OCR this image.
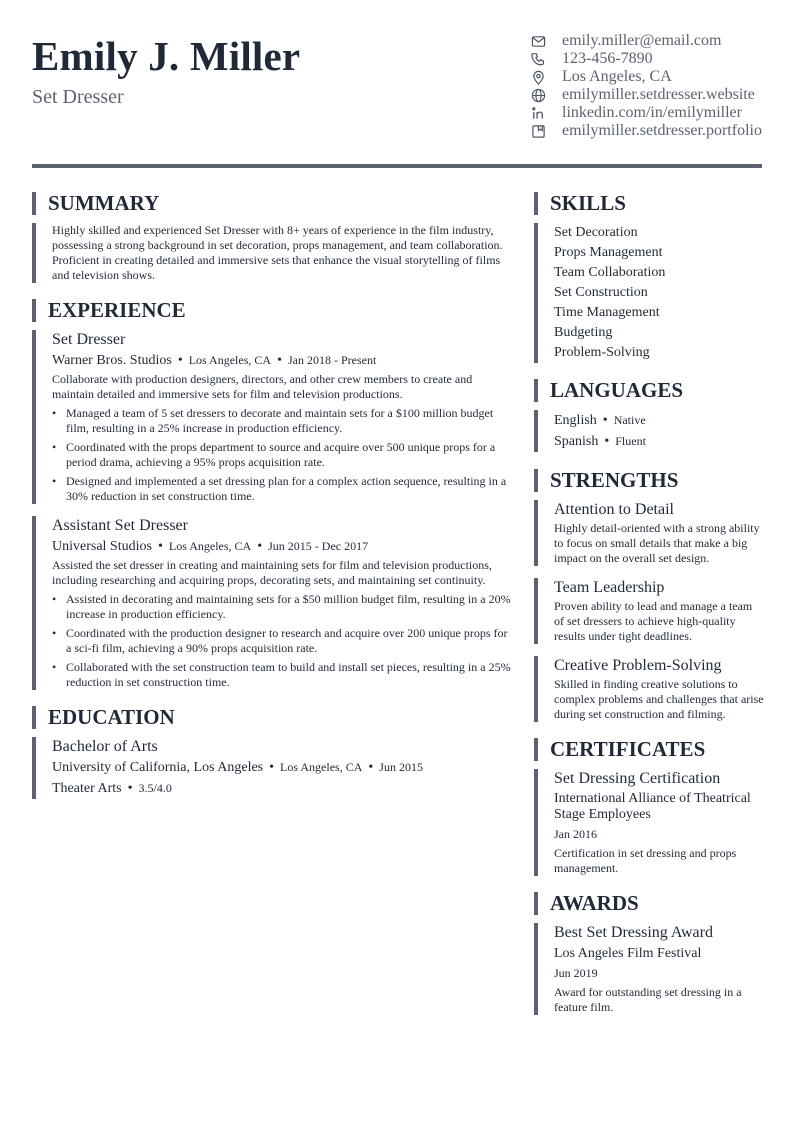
Emily J. Miller
Set Dresser
emily.miller@email.com
123-456-7890
Los Angeles, CA
emilymiller.setdresser.website
linkedin.com/in/emilymiller
emilymiller.setdresser.portfolio
SUMMARY
Highly skilled and experienced Set Dresser with 8+ years of experience in the film industry, possessing a strong background in set decoration, props management, and team collaboration. Proficient in creating detailed and immersive sets that enhance the visual storytelling of films and television shows.
EXPERIENCE
Set Dresser
Warner Bros. Studios • Los Angeles, CA • Jan 2018 - Present
Collaborate with production designers, directors, and other crew members to create and maintain detailed and immersive sets for film and television productions.
• Managed a team of 5 set dressers to decorate and maintain sets for a $100 million budget film, resulting in a 25% increase in production efficiency.
• Coordinated with the props department to source and acquire over 500 unique props for a period drama, achieving a 95% props acquisition rate.
• Designed and implemented a set dressing plan for a complex action sequence, resulting in a 30% reduction in set construction time.
Assistant Set Dresser
Universal Studios • Los Angeles, CA • Jun 2015 - Dec 2017
Assisted the set dresser in creating and maintaining sets for film and television productions, including researching and acquiring props, decorating sets, and maintaining set continuity.
• Assisted in decorating and maintaining sets for a $50 million budget film, resulting in a 20% increase in production efficiency.
• Coordinated with the production designer to research and acquire over 200 unique props for a sci-fi film, achieving a 90% props acquisition rate.
• Collaborated with the set construction team to build and install set pieces, resulting in a 25% reduction in set construction time.
EDUCATION
Bachelor of Arts
University of California, Los Angeles • Los Angeles, CA • Jun 2015
Theater Arts • 3.5/4.0
SKILLS
Set Decoration
Props Management
Team Collaboration
Set Construction
Time Management
Budgeting
Problem-Solving
LANGUAGES
English • Native
Spanish • Fluent
STRENGTHS
Attention to Detail
Highly detail-oriented with a strong ability to focus on small details that make a big impact on the overall set design.
Team Leadership
Proven ability to lead and manage a team of set dressers to achieve high-quality results under tight deadlines.
Creative Problem-Solving
Skilled in finding creative solutions to complex problems and challenges that arise during set construction and filming.
CERTIFICATES
Set Dressing Certification
International Alliance of Theatrical Stage Employees
Jan 2016
Certification in set dressing and props management.
AWARDS
Best Set Dressing Award
Los Angeles Film Festival
Jun 2019
Award for outstanding set dressing in a feature film.
